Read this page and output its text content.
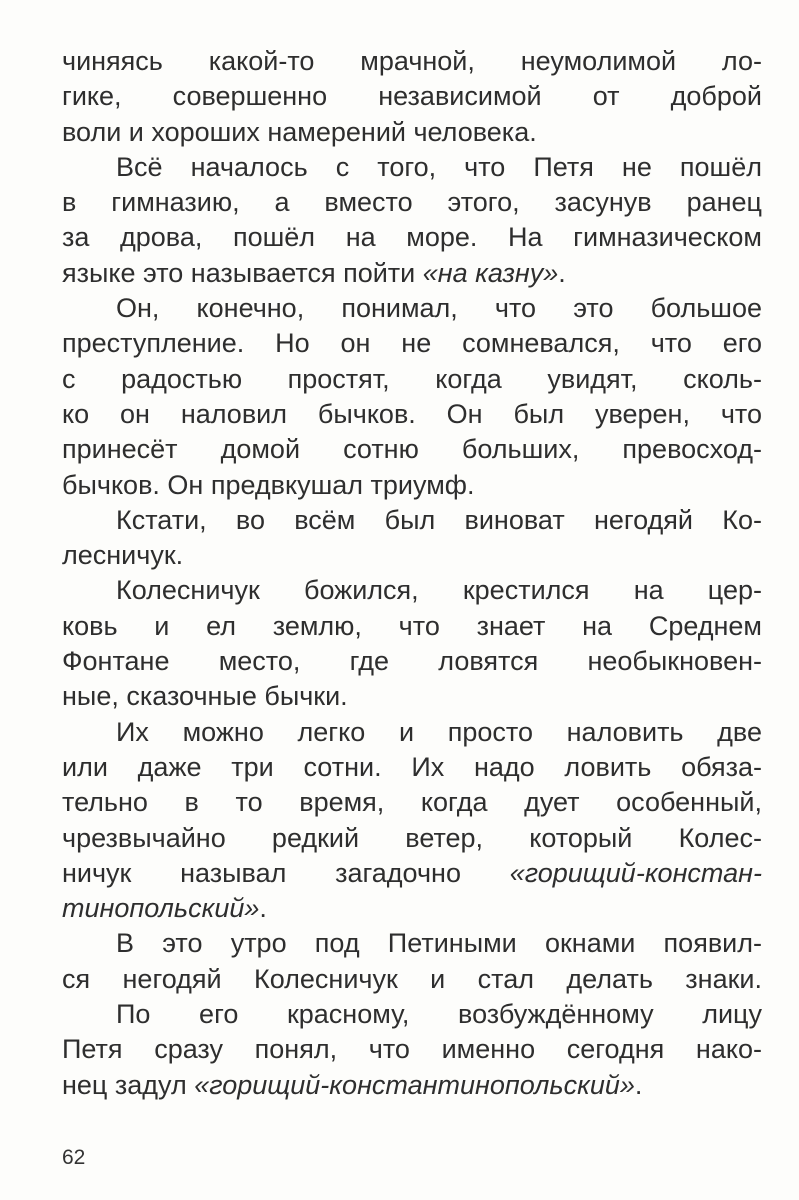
чиняясь какой-то мрачной, неумолимой ло-
гике, совершенно независимой от доброй
воли и хороших намерений человека.
Всё началось с того, что Петя не пошёл
в гимназию, а вместо этого, засунув ранец
за дрова, пошёл на море. На гимназическом
языке это называется пойти «на казну».
Он, конечно, понимал, что это большое
преступление. Но он не сомневался, что его
с радостью простят, когда увидят, сколь-
ко он наловил бычков. Он был уверен, что
принесёт домой сотню больших, превосход-
бычков. Он предвкушал триумф.
Кстати, во всём был виноват негодяй Ко-
лесничук.
Колесничук божился, крестился на цер-
ковь и ел землю, что знает на Среднем
Фонтане место, где ловятся необыкновен-
ные, сказочные бычки.
Их можно легко и просто наловить две
или даже три сотни. Их надо ловить обяза-
тельно в то время, когда дует особенный,
чрезвычайно редкий ветер, который Колес-
ничук называл загадочно «горищий-констан-
тинопольский».
В это утро под Петиными окнами появил-
ся негодяй Колесничук и стал делать знаки.
По его красному, возбуждённому лицу
Петя сразу понял, что именно сегодня нако-
нец задул «горищий-константинопольский».
62
